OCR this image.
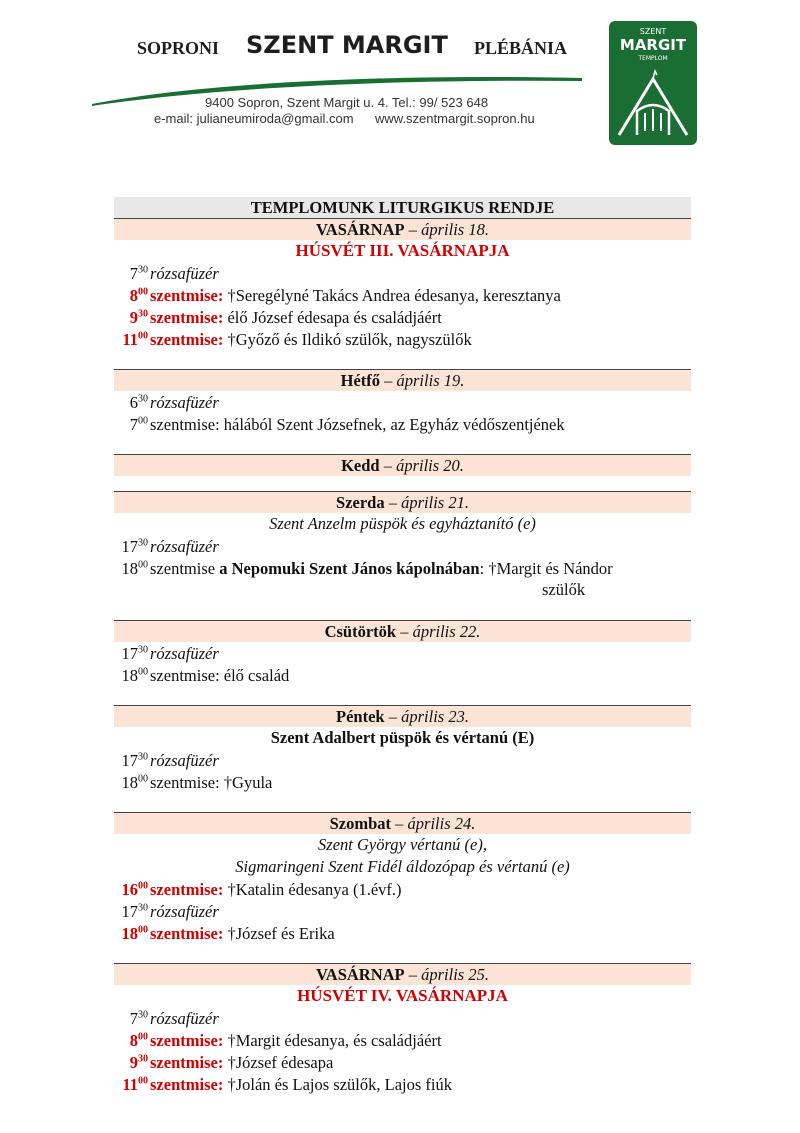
SOPRONI SZENT MARGIT PLÉBÁNIA
9400 Sopron, Szent Margit u. 4. Tel.: 99/ 523 648
e-mail: julianeumiroda@gmail.com www.szentmargit.sopron.hu
SZENT
MARGIT
TEMPLOM
TEMPLOMUNK LITURGIKUS RENDJE
VASÁRNAP – április 18.
HÚSVÉT III. VASÁRNAPJA
$7^{30}$ rózsafüzér
$8^{00}$ szentmise: †Seregélyné Takács Andrea édesanya, keresztanya
$9^{30}$ szentmise: élő József édesapa és családjáért
$11^{00}$ szentmise: †Győző és Ildikó szülők, nagyszülők
Hétfő – április 19.
$6^{30}$ rózsafüzér
$7^{00}$ szentmise: hálából Szent Józsefnek, az Egyház védőszentjének
Kedd – április 20.
Szerda – április 21.
Szent Anzelm püspök és egyháztanító (e)
$17^{30}$ rózsafüzér
$18^{00}$ szentmise a Nepomuki Szent János kápolnában: †Margit és Nándor
szülők
Csütörtök – április 22.
$17^{30}$ rózsafüzér
$18^{00}$ szentmise: élő család
Péntek – április 23.
Szent Adalbert püspök és vértanú (E)
$17^{30}$ rózsafüzér
$18^{00}$ szentmise: †Gyula
Szombat – április 24.
Szent György vértanú (e),
Sigmaringeni Szent Fidél áldozópap és vértanú (e)
$16^{00}$ szentmise: †Katalin édesanya (1.évf.)
$17^{30}$ rózsafüzér
$18^{00}$ szentmise: †József és Erika
VASÁRNAP – április 25.
HÚSVÉT IV. VASÁRNAPJA
$7^{30}$ rózsafüzér
$8^{00}$ szentmise: †Margit édesanya, és családjáért
$9^{30}$ szentmise: †József édesapa
$11^{00}$ szentmise: †Jolán és Lajos szülők, Lajos fiúk
